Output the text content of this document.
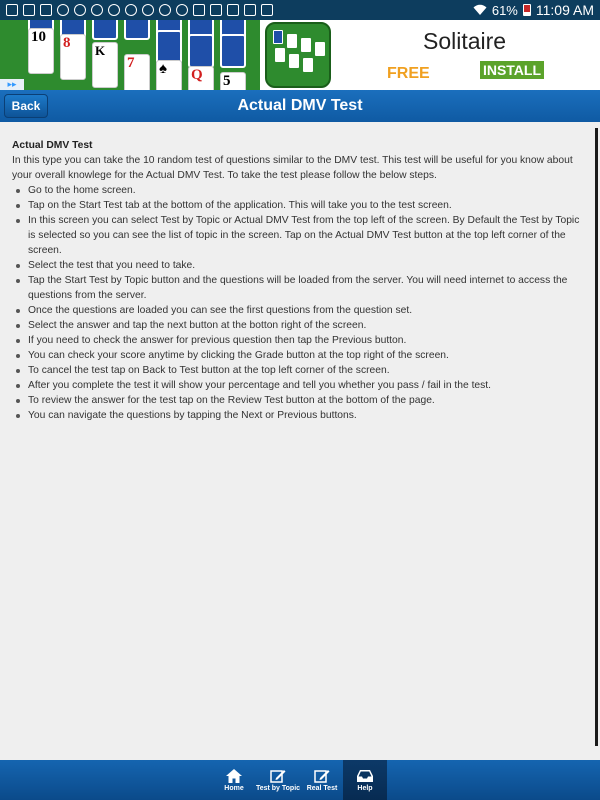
61% 11:09 AM
10	8	K
7	♠	Q	5
Solitaire
FREE	INSTALL
▸▸
Actual DMV Test
Back
Actual DMV Test

In this type you can take the 10 random test of questions similar to the DMV test. This test will be useful for you know about your overall knowlege for the Actual DMV Test. To take the test please follow the below steps.

Go to the home screen.
Tap on the Start Test tab at the bottom of the application. This will take you to the test screen.
In this screen you can select Test by Topic or Actual DMV Test from the top left of the screen. By Default the Test by Topic is selected so you can see the list of topic in the screen. Tap on the Actual DMV Test button at the top left corner of the screen.
Select the test that you need to take.
Tap the Start Test by Topic button and the questions will be loaded from the server. You will need internet to access the questions from the server.
Once the questions are loaded you can see the first questions from the question set.
Select the answer and tap the next button at the botton right of the screen.
If you need to check the answer for previous question then tap the Previous button.
You can check your score anytime by clicking the Grade button at the top right of the screen.
To cancel the test tap on Back to Test button at the top left corner of the screen.
After you complete the test it will show your percentage and tell you whether you pass / fail in the test.
To review the answer for the test tap on the Review Test button at the bottom of the page.
You can navigate the questions by tapping the Next or Previous buttons.
Home Test by Topic Real Test	Help
